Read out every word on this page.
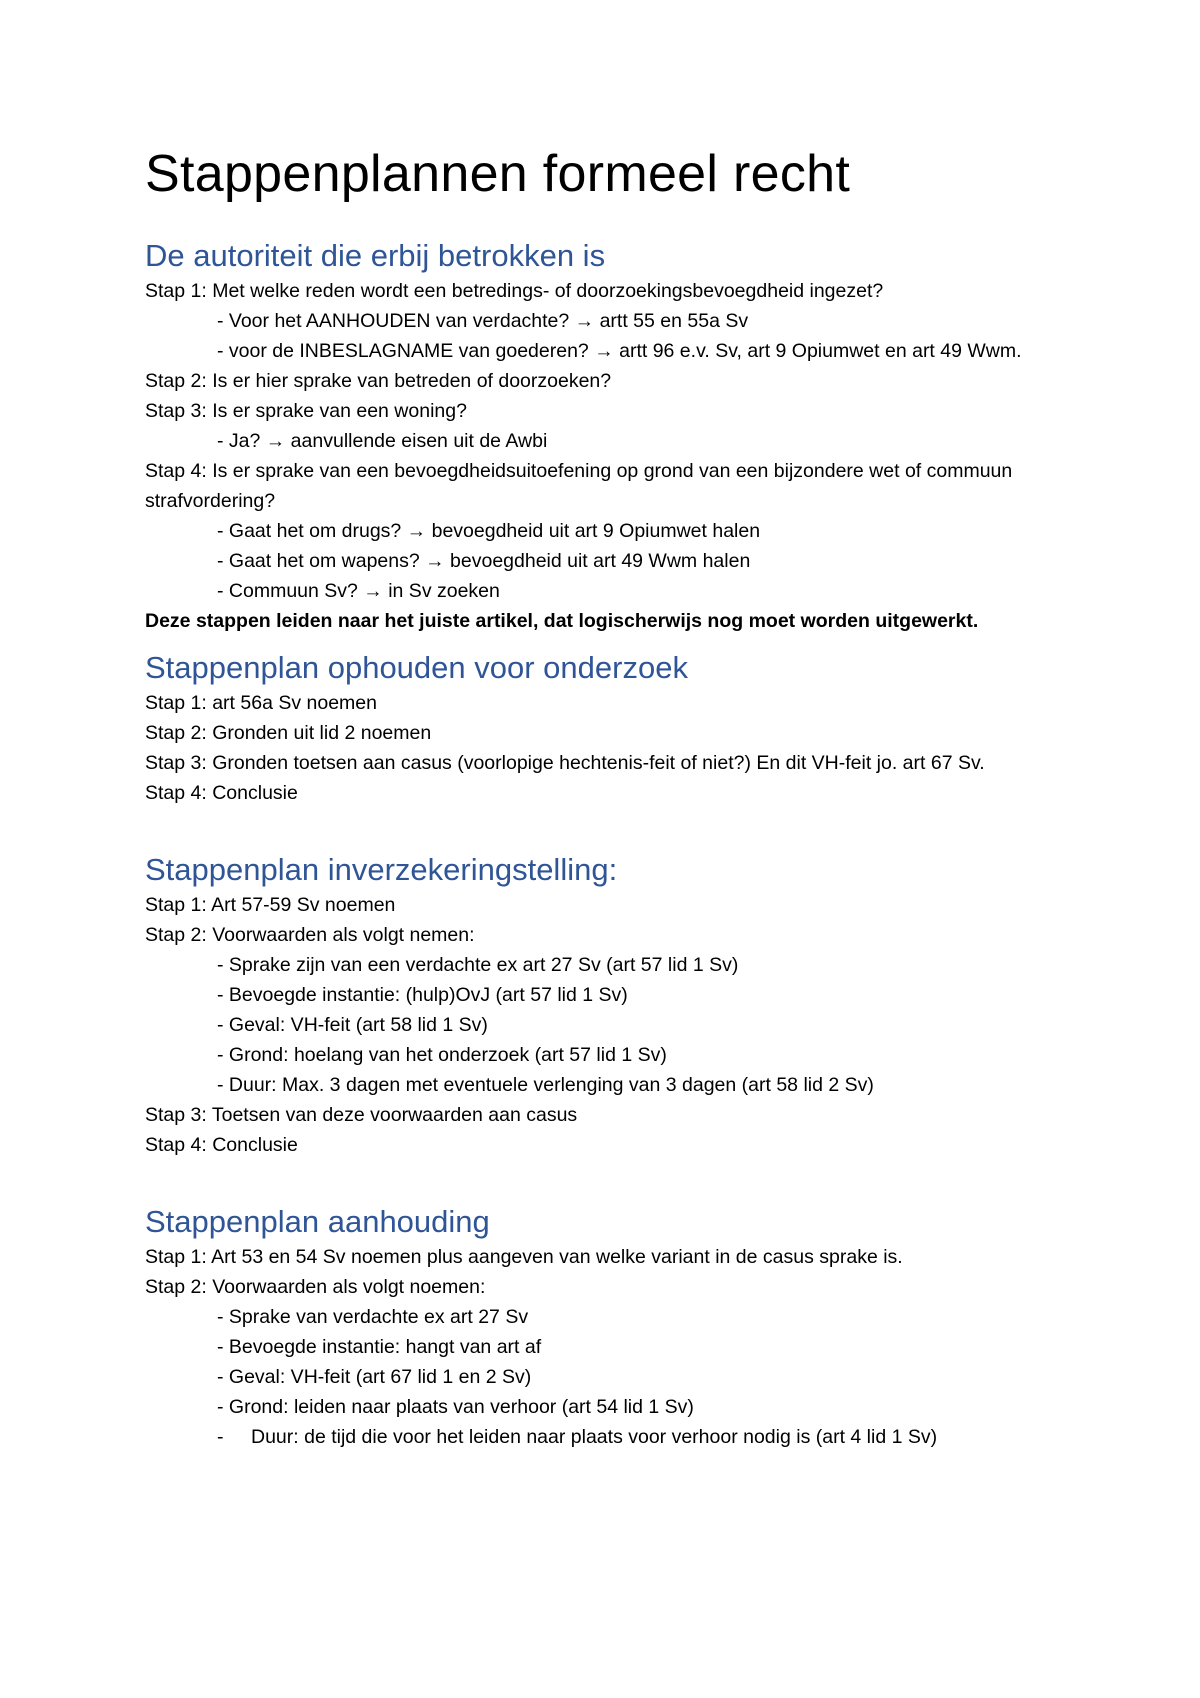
Stappenplannen formeel recht
De autoriteit die erbij betrokken is

Stap 1: Met welke reden wordt een betredings- of doorzoekingsbevoegdheid ingezet?

- Voor het AANHOUDEN van verdachte? → artt 55 en 55a Sv

- voor de INBESLAGNAME van goederen? → artt 96 e.v. Sv, art 9 Opiumwet en art 49 Wwm.

Stap 2: Is er hier sprake van betreden of doorzoeken?

Stap 3: Is er sprake van een woning?

- Ja? → aanvullende eisen uit de Awbi

Stap 4: Is er sprake van een bevoegdheidsuitoefening op grond van een bijzondere wet of commuun strafvordering?

- Gaat het om drugs? → bevoegdheid uit art 9 Opiumwet halen

- Gaat het om wapens? → bevoegdheid uit art 49 Wwm halen

- Commuun Sv? → in Sv zoeken

Deze stappen leiden naar het juiste artikel, dat logischerwijs nog moet worden uitgewerkt.

Stappenplan ophouden voor onderzoek

Stap 1: art 56a Sv noemen

Stap 2: Gronden uit lid 2 noemen

Stap 3: Gronden toetsen aan casus (voorlopige hechtenis-feit of niet?) En dit VH-feit jo. art 67 Sv.

Stap 4: Conclusie

Stappenplan inverzekeringstelling:

Stap 1: Art 57-59 Sv noemen

Stap 2: Voorwaarden als volgt nemen:

- Sprake zijn van een verdachte ex art 27 Sv (art 57 lid 1 Sv)

- Bevoegde instantie: (hulp)OvJ (art 57 lid 1 Sv)

- Geval: VH-feit (art 58 lid 1 Sv)

- Grond: hoelang van het onderzoek (art 57 lid 1 Sv)

- Duur: Max. 3 dagen met eventuele verlenging van 3 dagen (art 58 lid 2 Sv)

Stap 3: Toetsen van deze voorwaarden aan casus

Stap 4: Conclusie

Stappenplan aanhouding

Stap 1: Art 53 en 54 Sv noemen plus aangeven van welke variant in de casus sprake is.

Stap 2: Voorwaarden als volgt noemen:

- Sprake van verdachte ex art 27 Sv

- Bevoegde instantie: hangt van art af

- Geval: VH-feit (art 67 lid 1 en 2 Sv)

- Grond: leiden naar plaats van verhoor (art 54 lid 1 Sv)

- Duur: de tijd die voor het leiden naar plaats voor verhoor nodig is (art 4 lid 1 Sv)
